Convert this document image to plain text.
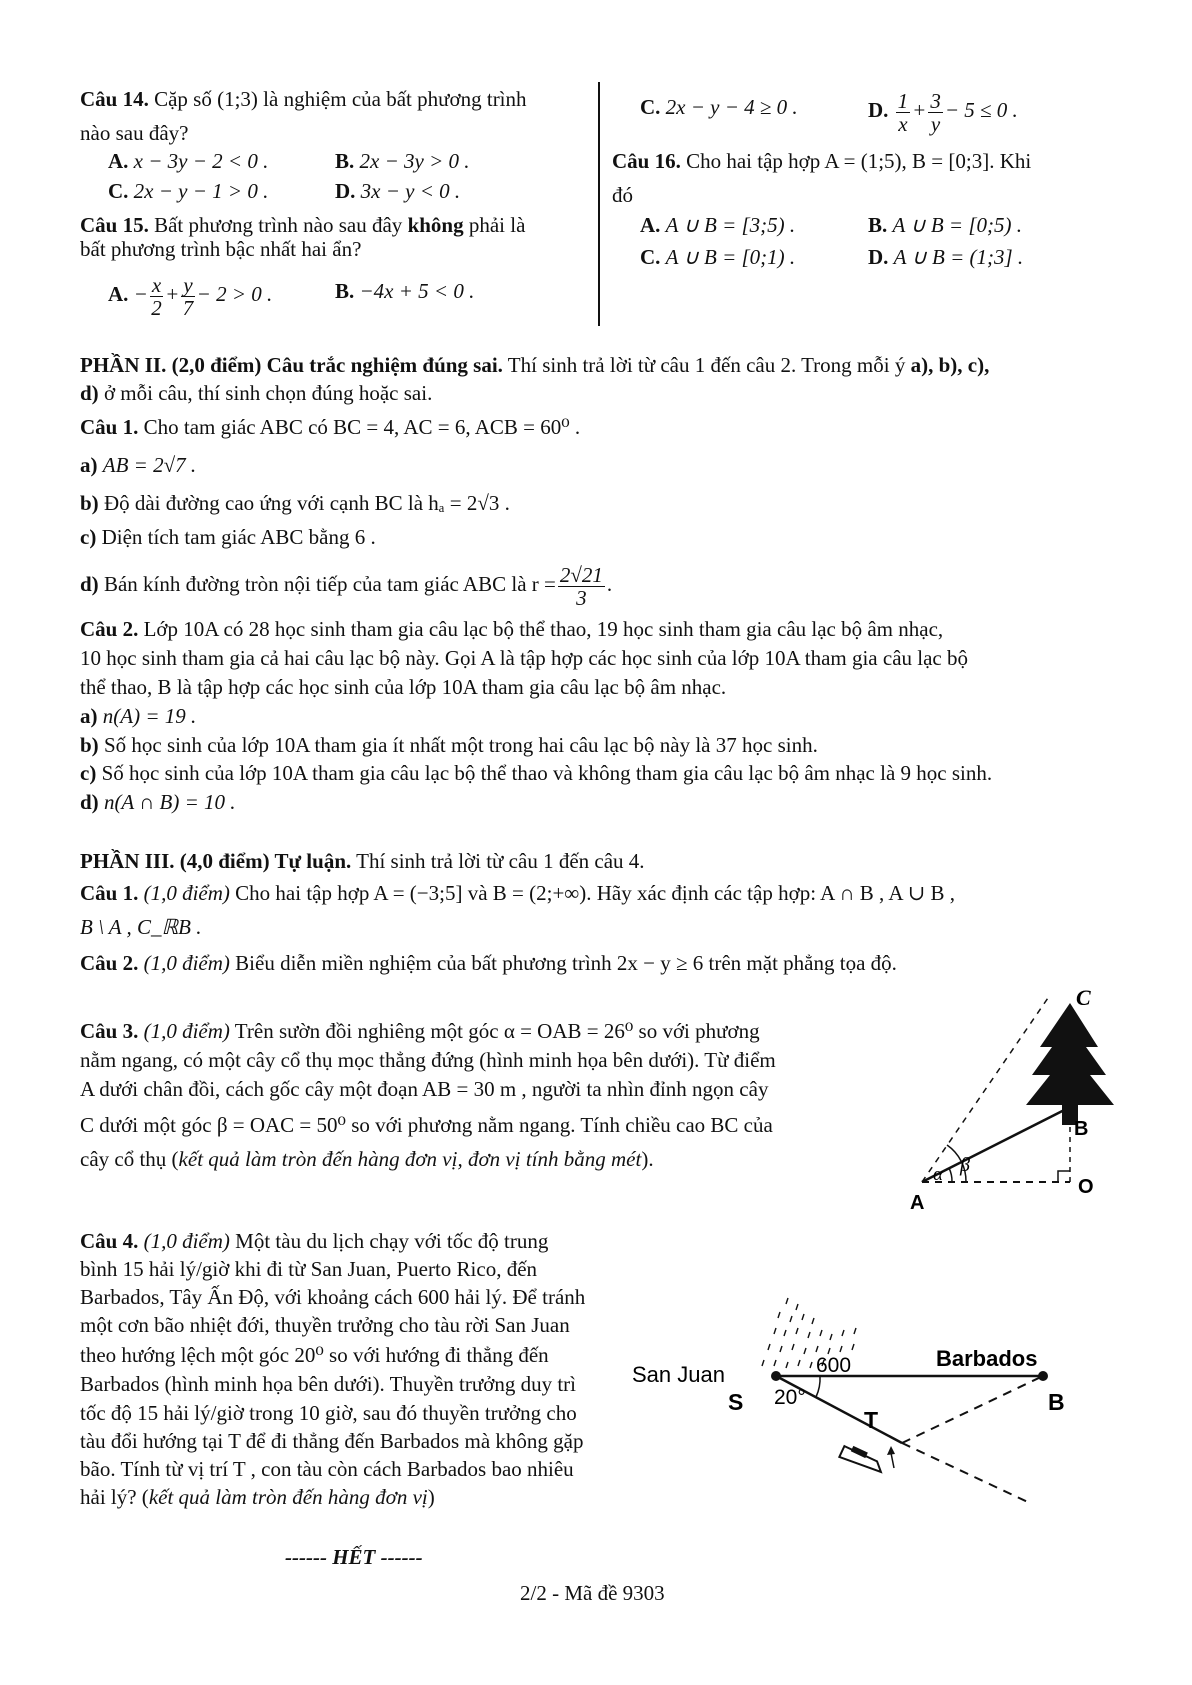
Câu 14. Cặp số (1;3) là nghiệm của bất phương trình
nào sau đây?
A. x − 3y − 2 < 0 .	B. 2x − 3y > 0 .
C. 2x − y − 1 > 0 .	D. 3x − y < 0 .
Câu 15. Bất phương trình nào sau đây không phải là
bất phương trình bậc nhất hai ẩn?
A. − $\frac{x}{2} + \frac{y}{7} - 2 > 0$ .	B. −4x + 5 < 0 .
C. 2x − y − 4 ≥ 0 .	D. $\frac{1}{x} + \frac{3}{y} - 5 \le 0$ .
Câu 16. Cho hai tập hợp A = (1;5), B = [0;3]. Khi
đó
A. A ∪ B = [3;5) .	B. A ∪ B = [0;5) .
C. A ∪ B = [0;1) .	D. A ∪ B = (1;3] .
PHẦN II. (2,0 điểm) Câu trắc nghiệm đúng sai. Thí sinh trả lời từ câu 1 đến câu 2. Trong mỗi ý a), b), c),
d) ở mỗi câu, thí sinh chọn đúng hoặc sai.
Câu 1. Cho tam giác ABC có BC = 4, AC = 6, ACB = 60⁰ .
a) AB = 2√7 .
b) Độ dài đường cao ứng với cạnh BC là hₐ = 2√3 .
c) Diện tích tam giác ABC bằng 6 .
d) Bán kính đường tròn nội tiếp của tam giác ABC là $r = \frac{2√21}{3}$ .
Câu 2. Lớp 10A có 28 học sinh tham gia câu lạc bộ thể thao, 19 học sinh tham gia câu lạc bộ âm nhạc,
10 học sinh tham gia cả hai câu lạc bộ này. Gọi A là tập hợp các học sinh của lớp 10A tham gia câu lạc bộ
thể thao, B là tập hợp các học sinh của lớp 10A tham gia câu lạc bộ âm nhạc.
a) n(A) = 19 .
b) Số học sinh của lớp 10A tham gia ít nhất một trong hai câu lạc bộ này là 37 học sinh.
c) Số học sinh của lớp 10A tham gia câu lạc bộ thể thao và không tham gia câu lạc bộ âm nhạc là 9 học sinh.
d) n(A ∩ B) = 10 .
PHẦN III. (4,0 điểm) Tự luận. Thí sinh trả lời từ câu 1 đến câu 4.
Câu 1. (1,0 điểm) Cho hai tập hợp A = (−3;5] và B = (2;+∞). Hãy xác định các tập hợp: A ∩ B , A ∪ B ,
B \ A , C_ℝB .
Câu 2. (1,0 điểm) Biểu diễn miền nghiệm của bất phương trình 2x − y ≥ 6 trên mặt phẳng tọa độ.
Câu 3. (1,0 điểm) Trên sườn đồi nghiêng một góc α = OAB = 26⁰ so với phương
nằm ngang, có một cây cổ thụ mọc thẳng đứng (hình minh họa bên dưới). Từ điểm
A dưới chân đồi, cách gốc cây một đoạn AB = 30 m , người ta nhìn đỉnh ngọn cây
C dưới một góc β = OAC = 50⁰ so với phương nằm ngang. Tính chiều cao BC của
cây cổ thụ (kết quả làm tròn đến hàng đơn vị, đơn vị tính bằng mét).
α β
C
B
A
O
Câu 4. (1,0 điểm) Một tàu du lịch chạy với tốc độ trung
bình 15 hải lý/giờ khi đi từ San Juan, Puerto Rico, đến
Barbados, Tây Ấn Độ, với khoảng cách 600 hải lý. Để tránh
một cơn bão nhiệt đới, thuyền trưởng cho tàu rời San Juan
theo hướng lệch một góc 20⁰ so với hướng đi thẳng đến
Barbados (hình minh họa bên dưới). Thuyền trưởng duy trì
tốc độ 15 hải lý/giờ trong 10 giờ, sau đó thuyền trưởng cho
tàu đổi hướng tại T để đi thẳng đến Barbados mà không gặp
bão. Tính từ vị trí T , con tàu còn cách Barbados bao nhiêu
hải lý? (kết quả làm tròn đến hàng đơn vị)
San Juan
Barbados
600
20°
S
T
B
------ HẾT ------
2/2 - Mã đề 9303
